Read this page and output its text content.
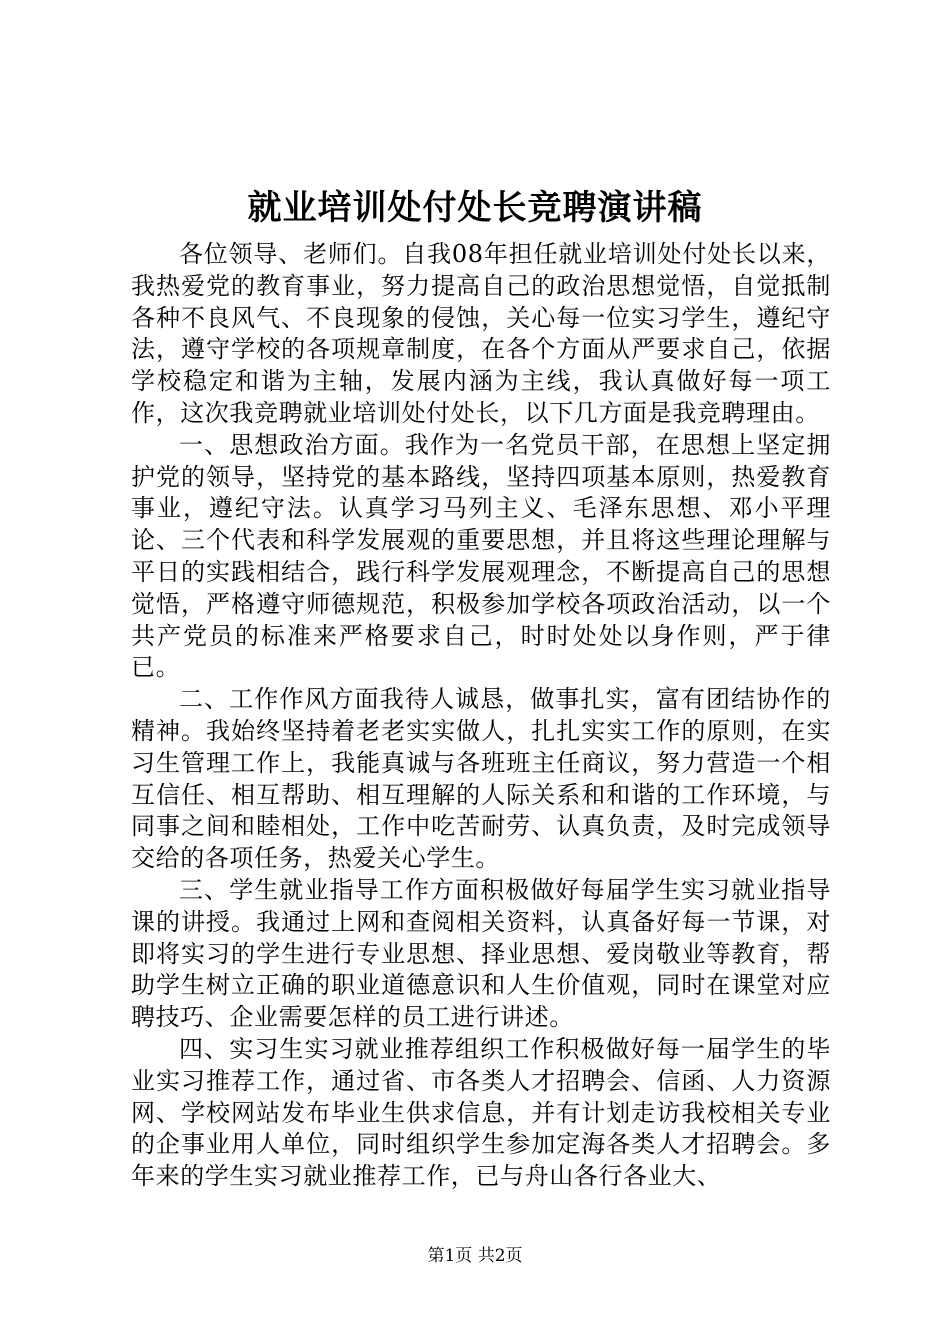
就业培训处付处长竞聘演讲稿

各位领导、老师们。自我08年担任就业培训处付处长以来，我热爱党的教育事业，努力提高自己的政治思想觉悟，自觉抵制各种不良风气、不良现象的侵蚀，关心每一位实习学生，遵纪守法，遵守学校的各项规章制度，在各个方面从严要求自己，依据学校稳定和谐为主轴，发展内涵为主线，我认真做好每一项工作，这次我竞聘就业培训处付处长，以下几方面是我竞聘理由。

一、思想政治方面。我作为一名党员干部，在思想上坚定拥护党的领导，坚持党的基本路线，坚持四项基本原则，热爱教育事业，遵纪守法。认真学习马列主义、毛泽东思想、邓小平理论、三个代表和科学发展观的重要思想，并且将这些理论理解与平日的实践相结合，践行科学发展观理念，不断提高自己的思想觉悟，严格遵守师德规范，积极参加学校各项政治活动，以一个共产党员的标准来严格要求自己，时时处处以身作则，严于律已。

二、工作作风方面我待人诚恳，做事扎实，富有团结协作的精神。我始终坚持着老老实实做人，扎扎实实工作的原则，在实习生管理工作上，我能真诚与各班班主任商议，努力营造一个相互信任、相互帮助、相互理解的人际关系和和谐的工作环境，与同事之间和睦相处，工作中吃苦耐劳、认真负责，及时完成领导交给的各项任务，热爱关心学生。

三、学生就业指导工作方面积极做好每届学生实习就业指导课的讲授。我通过上网和查阅相关资料，认真备好每一节课，对即将实习的学生进行专业思想、择业思想、爱岗敬业等教育，帮助学生树立正确的职业道德意识和人生价值观，同时在课堂对应聘技巧、企业需要怎样的员工进行讲述。

四、实习生实习就业推荐组织工作积极做好每一届学生的毕业实习推荐工作，通过省、市各类人才招聘会、信函、人力资源网、学校网站发布毕业生供求信息，并有计划走访我校相关专业的企事业用人单位，同时组织学生参加定海各类人才招聘会。多年来的学生实习就业推荐工作，已与舟山各行各业大、

第1页 共2页
